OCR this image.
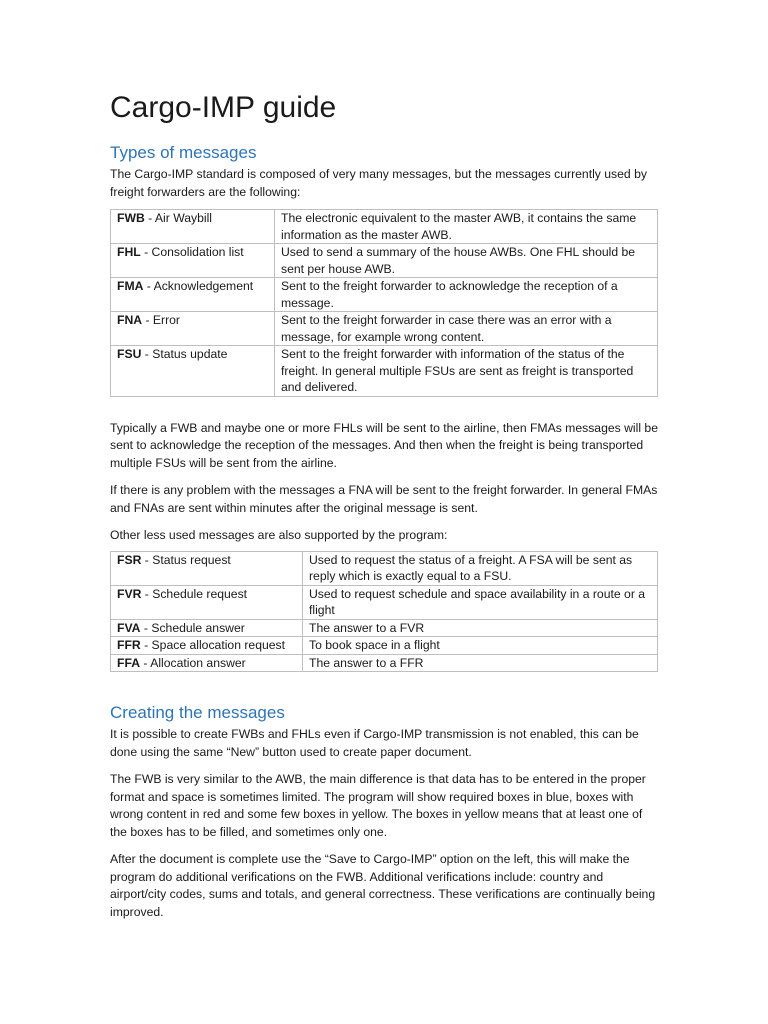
Cargo-IMP guide
Types of messages

The Cargo-IMP standard is composed of very many messages, but the messages currently used by freight forwarders are the following:

FWB - Air Waybill	The electronic equivalent to the master AWB, it contains the same information as the master AWB.
FHL - Consolidation list	Used to send a summary of the house AWBs. One FHL should be sent per house AWB.
FMA - Acknowledgement	Sent to the freight forwarder to acknowledge the reception of a message.
FNA - Error	Sent to the freight forwarder in case there was an error with a message, for example wrong content.
FSU - Status update	Sent to the freight forwarder with information of the status of the freight. In general multiple FSUs are sent as freight is transported and delivered.

Typically a FWB and maybe one or more FHLs will be sent to the airline, then FMAs messages will be sent to acknowledge the reception of the messages. And then when the freight is being transported multiple FSUs will be sent from the airline.

If there is any problem with the messages a FNA will be sent to the freight forwarder. In general FMAs and FNAs are sent within minutes after the original message is sent.

Other less used messages are also supported by the program:

FSR - Status request	Used to request the status of a freight. A FSA will be sent as reply which is exactly equal to a FSU.
FVR - Schedule request	Used to request schedule and space availability in a route or a flight
FVA - Schedule answer	The answer to a FVR
FFR - Space allocation request	To book space in a flight
FFA - Allocation answer	The answer to a FFR
Creating the messages

It is possible to create FWBs and FHLs even if Cargo-IMP transmission is not enabled, this can be done using the same “New” button used to create paper document.

The FWB is very similar to the AWB, the main difference is that data has to be entered in the proper format and space is sometimes limited. The program will show required boxes in blue, boxes with wrong content in red and some few boxes in yellow. The boxes in yellow means that at least one of the boxes has to be filled, and sometimes only one.

After the document is complete use the “Save to Cargo-IMP” option on the left, this will make the program do additional verifications on the FWB. Additional verifications include: country and airport/city codes, sums and totals, and general correctness. These verifications are continually being improved.
